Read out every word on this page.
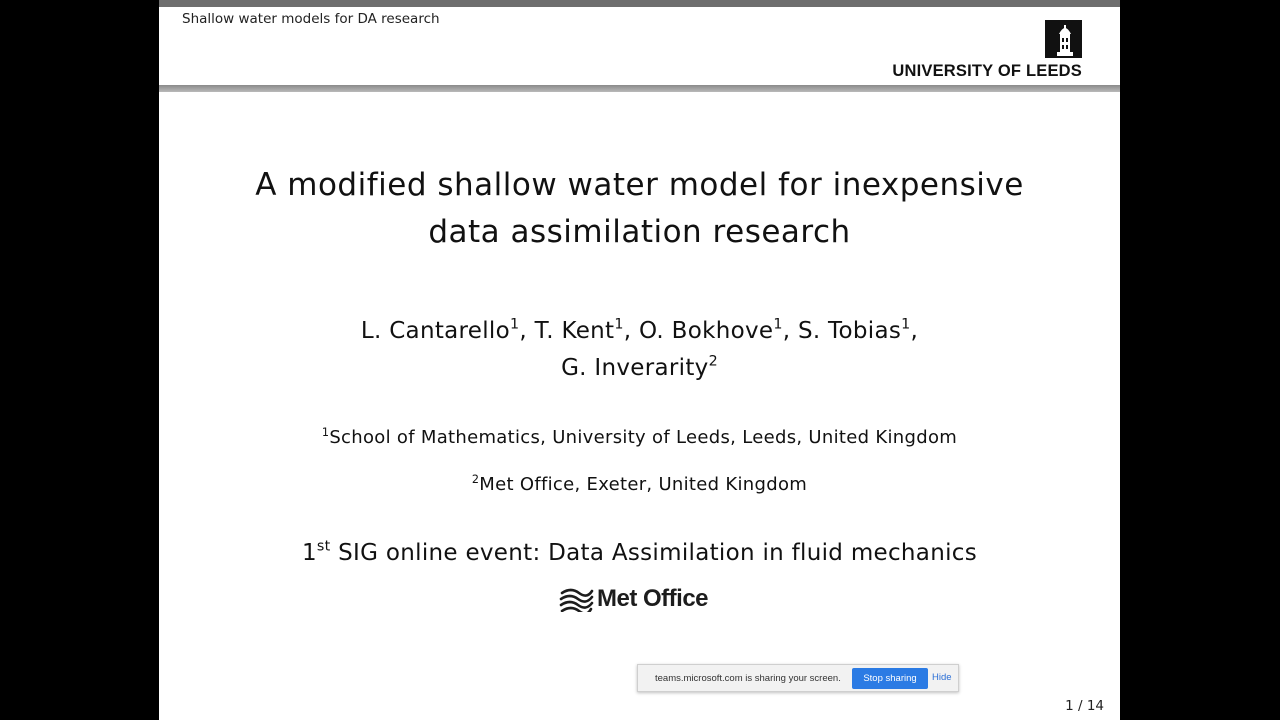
Shallow water models for DA research
UNIVERSITY OF LEEDS
A modified shallow water model for inexpensive
data assimilation research
L. Cantarello$^1$, T. Kent$^1$, O. Bokhove$^1$, S. Tobias$^1$,
G. Inverarity$^2$
$^1$School of Mathematics, University of Leeds, Leeds, United Kingdom
$^2$Met Office, Exeter, United Kingdom
1st SIG online event: Data Assimilation in fluid mechanics
Met Office
teams.microsoft.com is sharing your screen.	Stop sharing	Hide
1 / 14
